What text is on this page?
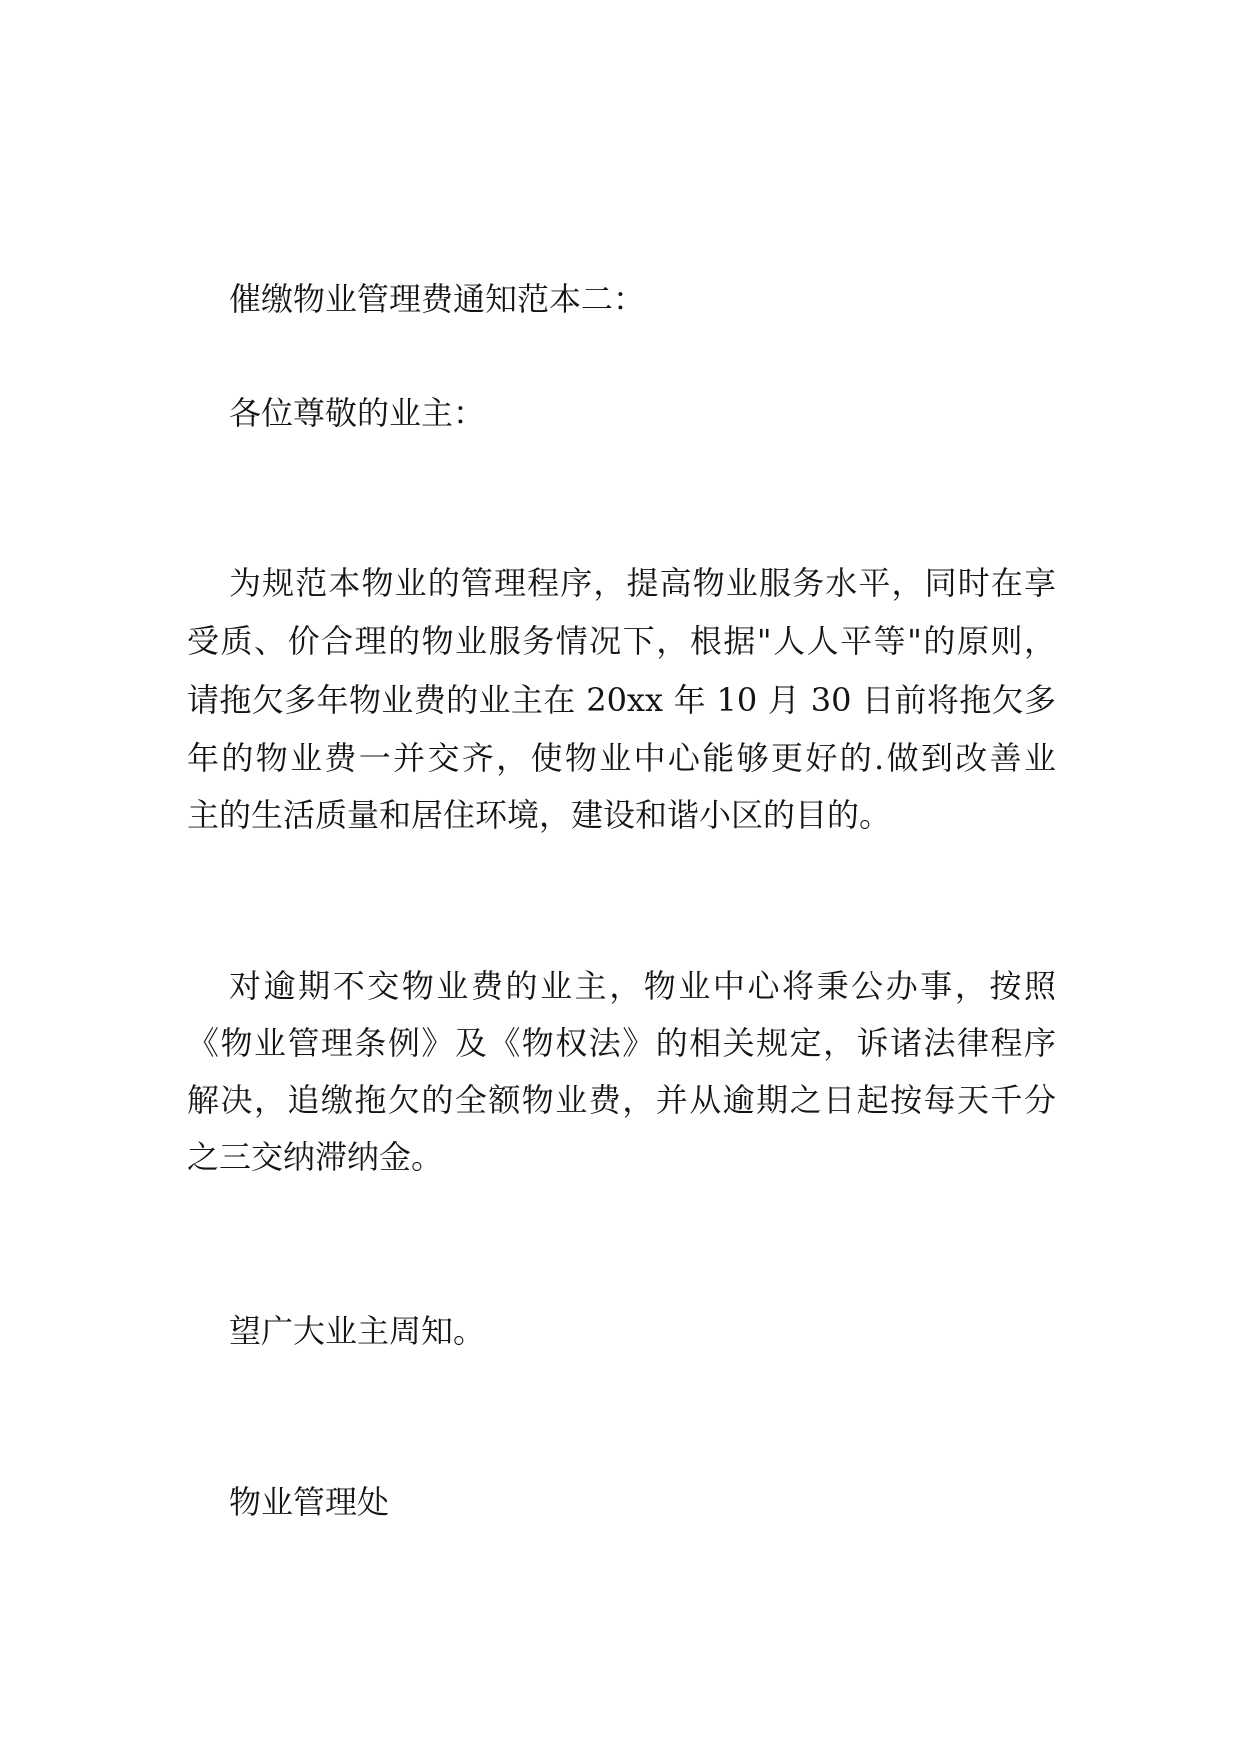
催缴物业管理费通知范本二：
各位尊敬的业主：
为规范本物业的管理程序，提高物业服务水平，同时在享
受质、价合理的物业服务情况下，根据"人人平等"的原则，
请拖欠多年物业费的业主在 20xx 年 10 月 30 日前将拖欠多
年的物业费一并交齐，使物业中心能够更好的.做到改善业
主的生活质量和居住环境，建设和谐小区的目的。
对逾期不交物业费的业主，物业中心将秉公办事，按照
《物业管理条例》及《物权法》的相关规定，诉诸法律程序
解决，追缴拖欠的全额物业费，并从逾期之日起按每天千分
之三交纳滞纳金。
望广大业主周知。
物业管理处
